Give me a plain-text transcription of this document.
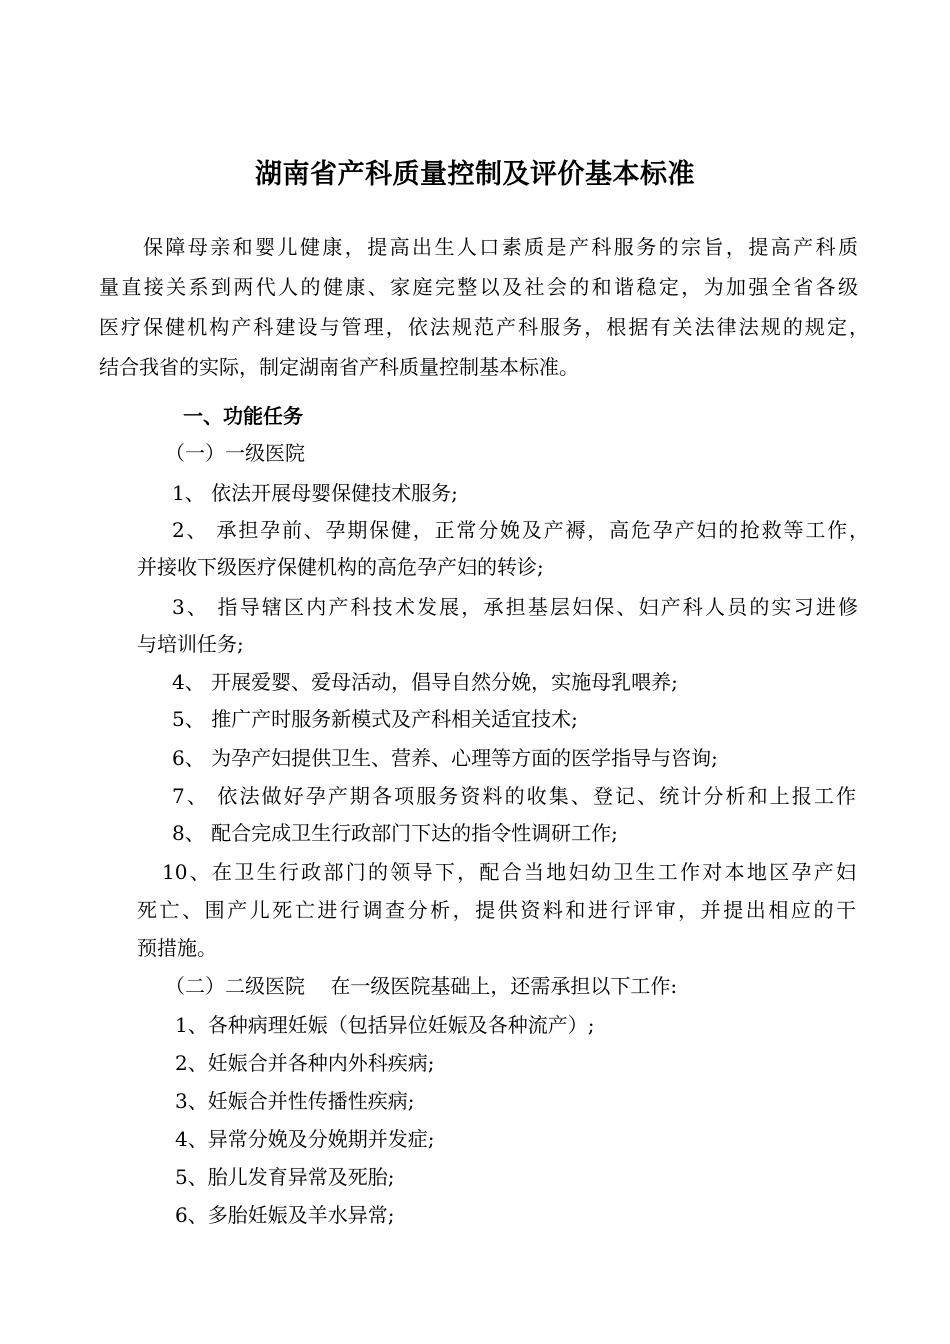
湖南省产科质量控制及评价基本标准
保障母亲和婴儿健康，提高出生人口素质是产科服务的宗旨，提高产科质
量直接关系到两代人的健康、家庭完整以及社会的和谐稳定，为加强全省各级
医疗保健机构产科建设与管理，依法规范产科服务，根据有关法律法规的规定，
结合我省的实际，制定湖南省产科质量控制基本标准。
一、功能任务
（一）一级医院
1、 依法开展母婴保健技术服务;
2、 承担孕前、孕期保健，正常分娩及产褥，高危孕产妇的抢救等工作，
并接收下级医疗保健机构的高危孕产妇的转诊;
3、 指导辖区内产科技术发展，承担基层妇保、妇产科人员的实习进修
与培训任务;
4、 开展爱婴、爱母活动，倡导自然分娩，实施母乳喂养;
5、 推广产时服务新模式及产科相关适宜技术;
6、 为孕产妇提供卫生、营养、心理等方面的医学指导与咨询;
7、 依法做好孕产期各项服务资料的收集、登记、统计分析和上报工作
8、 配合完成卫生行政部门下达的指令性调研工作;
10、在卫生行政部门的领导下，配合当地妇幼卫生工作对本地区孕产妇
死亡、围产儿死亡进行调查分析，提供资料和进行评审，并提出相应的干
预措施。
（二）二级医院    在一级医院基础上，还需承担以下工作:
1、各种病理妊娠（包括异位妊娠及各种流产）;
2、妊娠合并各种内外科疾病;
3、妊娠合并性传播性疾病;
4、异常分娩及分娩期并发症;
5、胎儿发育异常及死胎;
6、多胎妊娠及羊水异常;
